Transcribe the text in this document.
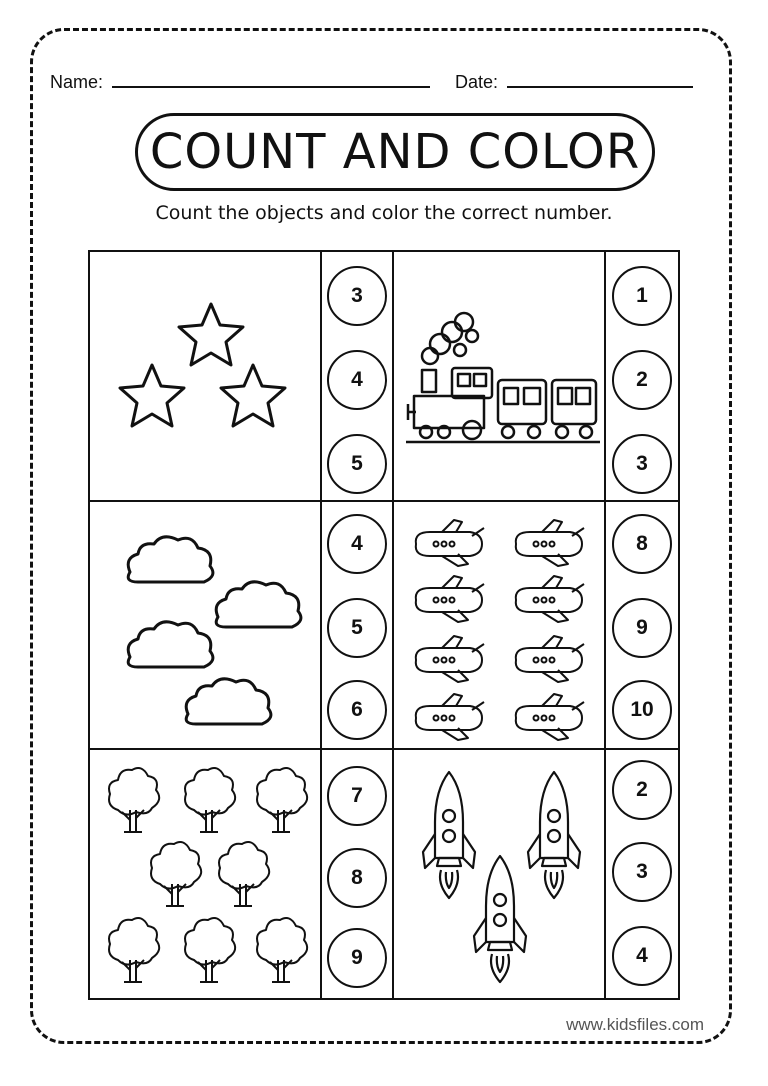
Name:	Date:
COUNT AND COLOR
Count the objects and color the correct number.
3
4
5
1
2
3
4
5
6
8
9
10
7
8
9
2
3
4
www.kidsfiles.com
